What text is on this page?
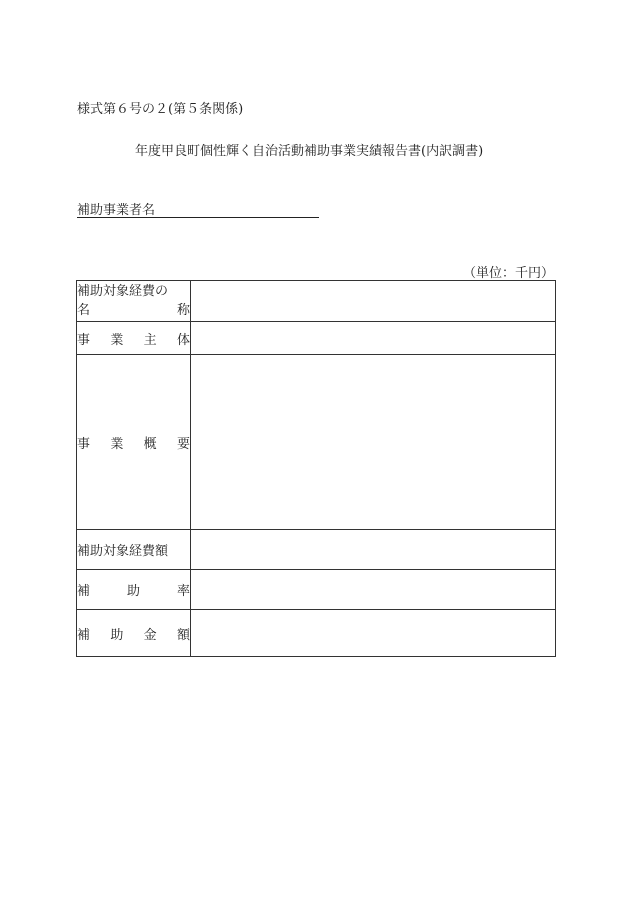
様式第６号の２(第５条関係)
年度甲良町個性輝く自治活動補助事業実績報告書(内訳調書)
補助事業者名
（単位：千円）
補助対象経費の
名 称	

事 業 主 体	

事 業 概 要	

補助対象経費額	

補 助 率	

補 助 金 額	
